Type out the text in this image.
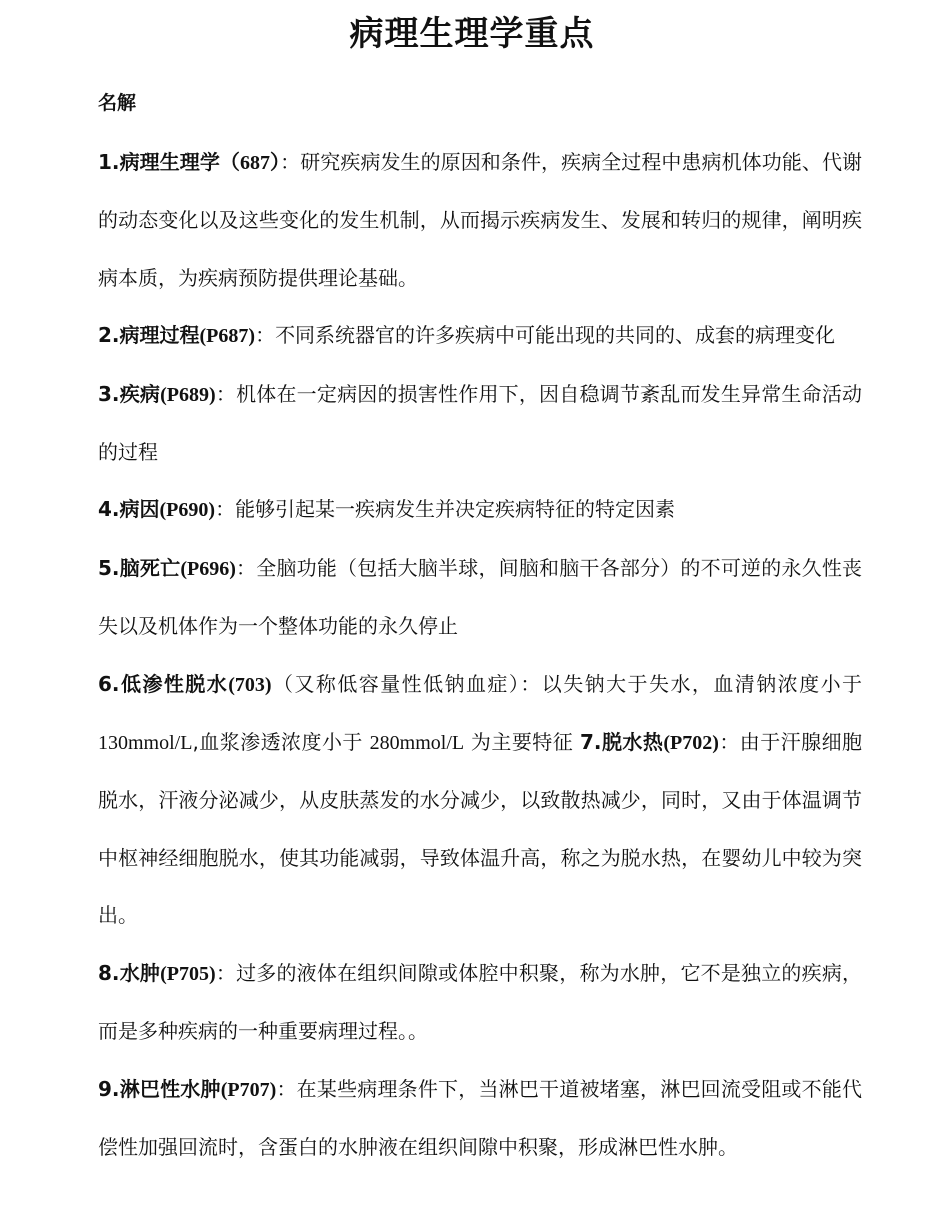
病理生理学重点
名解

1.病理生理学（687）：研究疾病发生的原因和条件，疾病全过程中患病机体功能、代谢的动态变化以及这些变化的发生机制，从而揭示疾病发生、发展和转归的规律，阐明疾病本质，为疾病预防提供理论基础。

2.病理过程(P687)：不同系统器官的许多疾病中可能出现的共同的、成套的病理变化

3.疾病(P689)：机体在一定病因的损害性作用下，因自稳调节紊乱而发生异常生命活动的过程

4.病因(P690)：能够引起某一疾病发生并决定疾病特征的特定因素

5.脑死亡(P696)：全脑功能（包括大脑半球，间脑和脑干各部分）的不可逆的永久性丧失以及机体作为一个整体功能的永久停止

6.低渗性脱水(703)（又称低容量性低钠血症）：以失钠大于失水，血清钠浓度小于 130mmol/L,血浆渗透浓度小于 280mmol/L 为主要特征 7.脱水热(P702)：由于汗腺细胞脱水，汗液分泌减少，从皮肤蒸发的水分减少，以致散热减少，同时，又由于体温调节中枢神经细胞脱水，使其功能减弱，导致体温升高，称之为脱水热，在婴幼儿中较为突出。

8.水肿(P705)：过多的液体在组织间隙或体腔中积聚，称为水肿，它不是独立的疾病，而是多种疾病的一种重要病理过程。。

9.淋巴性水肿(P707)：在某些病理条件下，当淋巴干道被堵塞，淋巴回流受阻或不能代偿性加强回流时，含蛋白的水肿液在组织间隙中积聚，形成淋巴性水肿。
